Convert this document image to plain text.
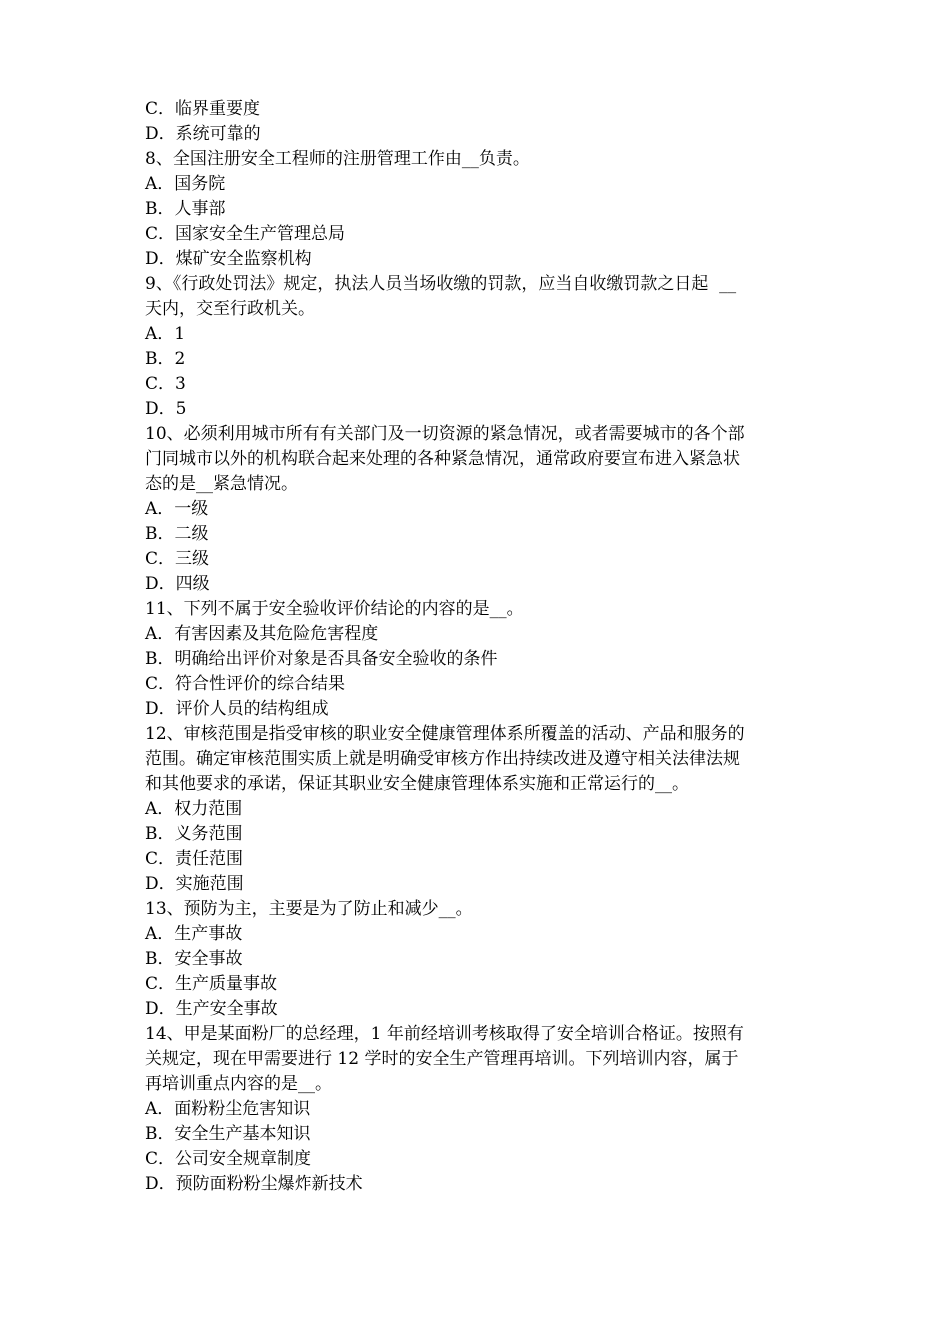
C．临界重要度
D．系统可靠的
8、全国注册安全工程师的注册管理工作由__负责。
A．国务院
B．人事部
C．国家安全生产管理总局
D．煤矿安全监察机构
9、《行政处罚法》规定，执法人员当场收缴的罚款，应当自收缴罚款之日起  __
天内，交至行政机关。
A．1
B．2
C．3
D．5
10、必须利用城市所有有关部门及一切资源的紧急情况，或者需要城市的各个部
门同城市以外的机构联合起来处理的各种紧急情况，通常政府要宣布进入紧急状
态的是__紧急情况。
A．一级
B．二级
C．三级
D．四级
11、下列不属于安全验收评价结论的内容的是__。
A．有害因素及其危险危害程度
B．明确给出评价对象是否具备安全验收的条件
C．符合性评价的综合结果
D．评价人员的结构组成
12、审核范围是指受审核的职业安全健康管理体系所覆盖的活动、产品和服务的
范围。确定审核范围实质上就是明确受审核方作出持续改进及遵守相关法律法规
和其他要求的承诺，保证其职业安全健康管理体系实施和正常运行的__。
A．权力范围
B．义务范围
C．责任范围
D．实施范围
13、预防为主，主要是为了防止和减少__。
A．生产事故
B．安全事故
C．生产质量事故
D．生产安全事故
14、甲是某面粉厂的总经理，1 年前经培训考核取得了安全培训合格证。按照有
关规定，现在甲需要进行 12 学时的安全生产管理再培训。下列培训内容，属于
再培训重点内容的是__。
A．面粉粉尘危害知识
B．安全生产基本知识
C．公司安全规章制度
D．预防面粉粉尘爆炸新技术
